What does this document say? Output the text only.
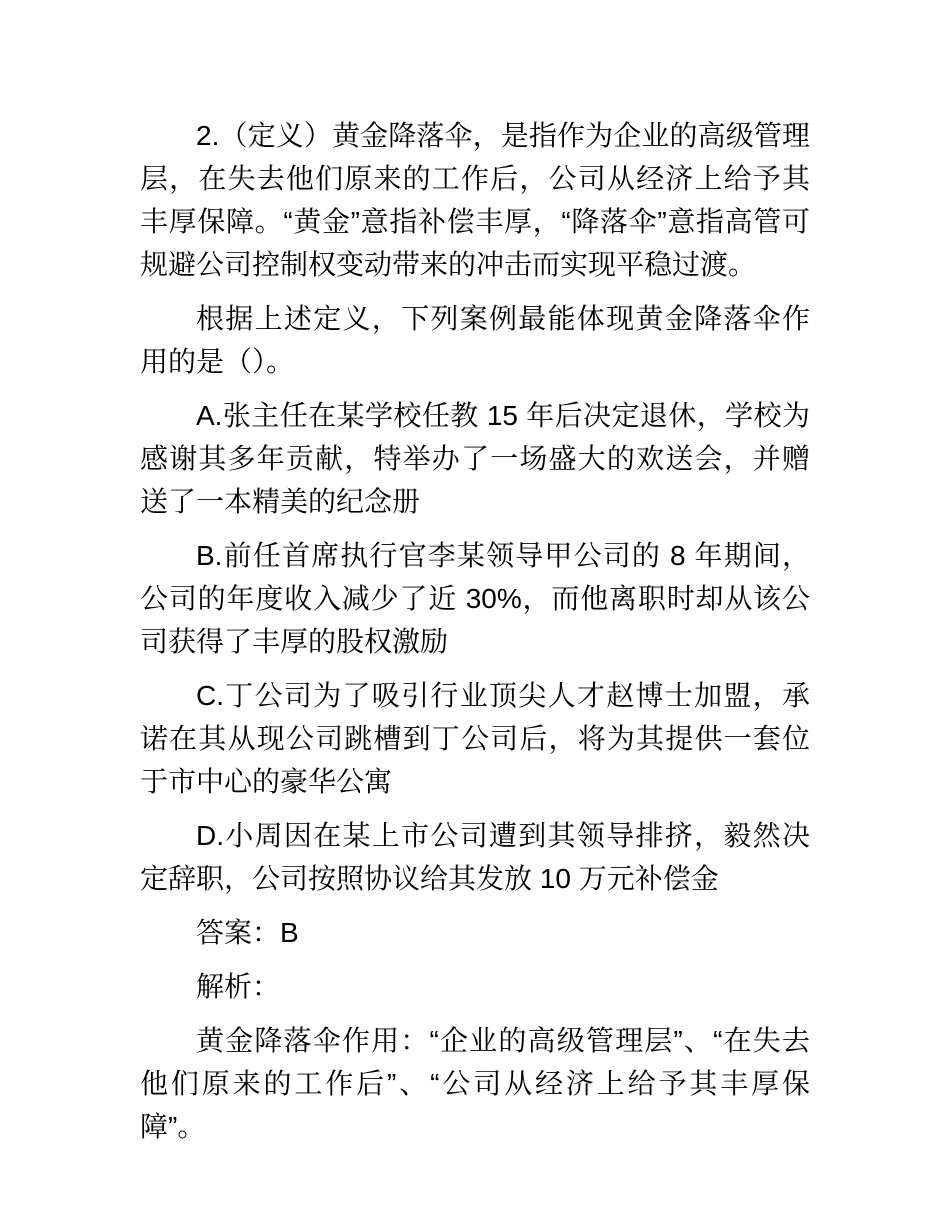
2.（定义）黄金降落伞，是指作为企业的高级管理层，在失去他们原来的工作后，公司从经济上给予其丰厚保障。“黄金”意指补偿丰厚，“降落伞”意指高管可规避公司控制权变动带来的冲击而实现平稳过渡。

根据上述定义，下列案例最能体现黄金降落伞作用的是（）。

A.张主任在某学校任教 15 年后决定退休，学校为感谢其多年贡献，特举办了一场盛大的欢送会，并赠送了一本精美的纪念册

B.前任首席执行官李某领导甲公司的 8 年期间，公司的年度收入减少了近 30%，而他离职时却从该公司获得了丰厚的股权激励

C.丁公司为了吸引行业顶尖人才赵博士加盟，承诺在其从现公司跳槽到丁公司后，将为其提供一套位于市中心的豪华公寓

D.小周因在某上市公司遭到其领导排挤，毅然决定辞职，公司按照协议给其发放 10 万元补偿金

答案：B

解析：

黄金降落伞作用：“企业的高级管理层”、“在失去他们原来的工作后”、“公司从经济上给予其丰厚保障”。
